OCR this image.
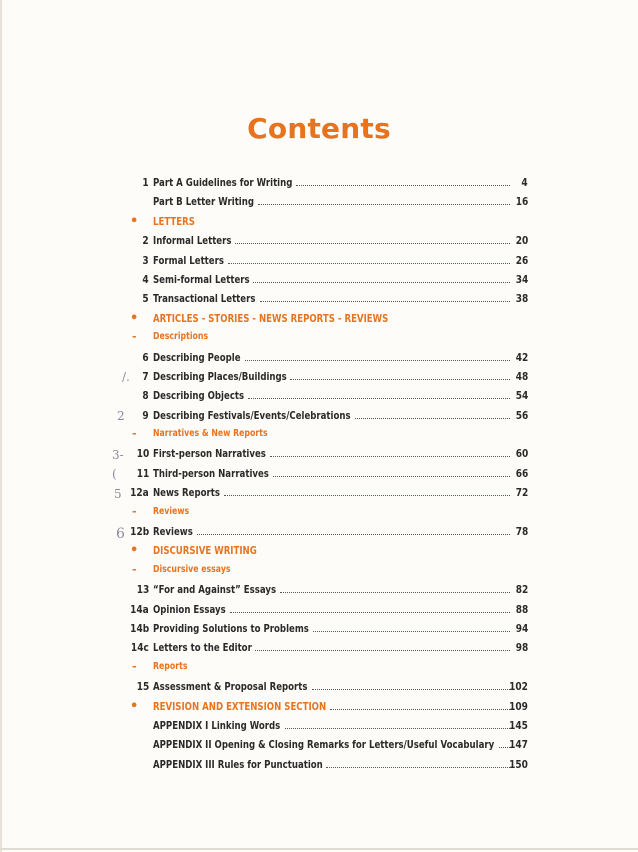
Contents
1 Part A Guidelines for Writing	4
Part B Letter Writing	16
• LETTERS
2 Informal Letters	20
3 Formal Letters	26
4 Semi-formal Letters	34
5 Transactional Letters	38
• ARTICLES - STORIES - NEWS REPORTS - REVIEWS
- Descriptions
6 Describing People	42
7 Describing Places/Buildings	48
8 Describing Objects	54
9 Describing Festivals/Events/Celebrations	56
- Narratives & New Reports
10 First-person Narratives	60
11 Third-person Narratives	66
12a News Reports	72
- Reviews
12b Reviews	78
• DISCURSIVE WRITING
- Discursive essays
13 “For and Against” Essays	82
14a Opinion Essays	88
14b Providing Solutions to Problems	94
14c Letters to the Editor	98
- Reports
15 Assessment & Proposal Reports	102
• REVISION AND EXTENSION SECTION	109
APPENDIX I Linking Words	145
APPENDIX II Opening & Closing Remarks for Letters/Useful Vocabulary 147
APPENDIX III Rules for Punctuation	150
/.
2
3-
(
5
6
